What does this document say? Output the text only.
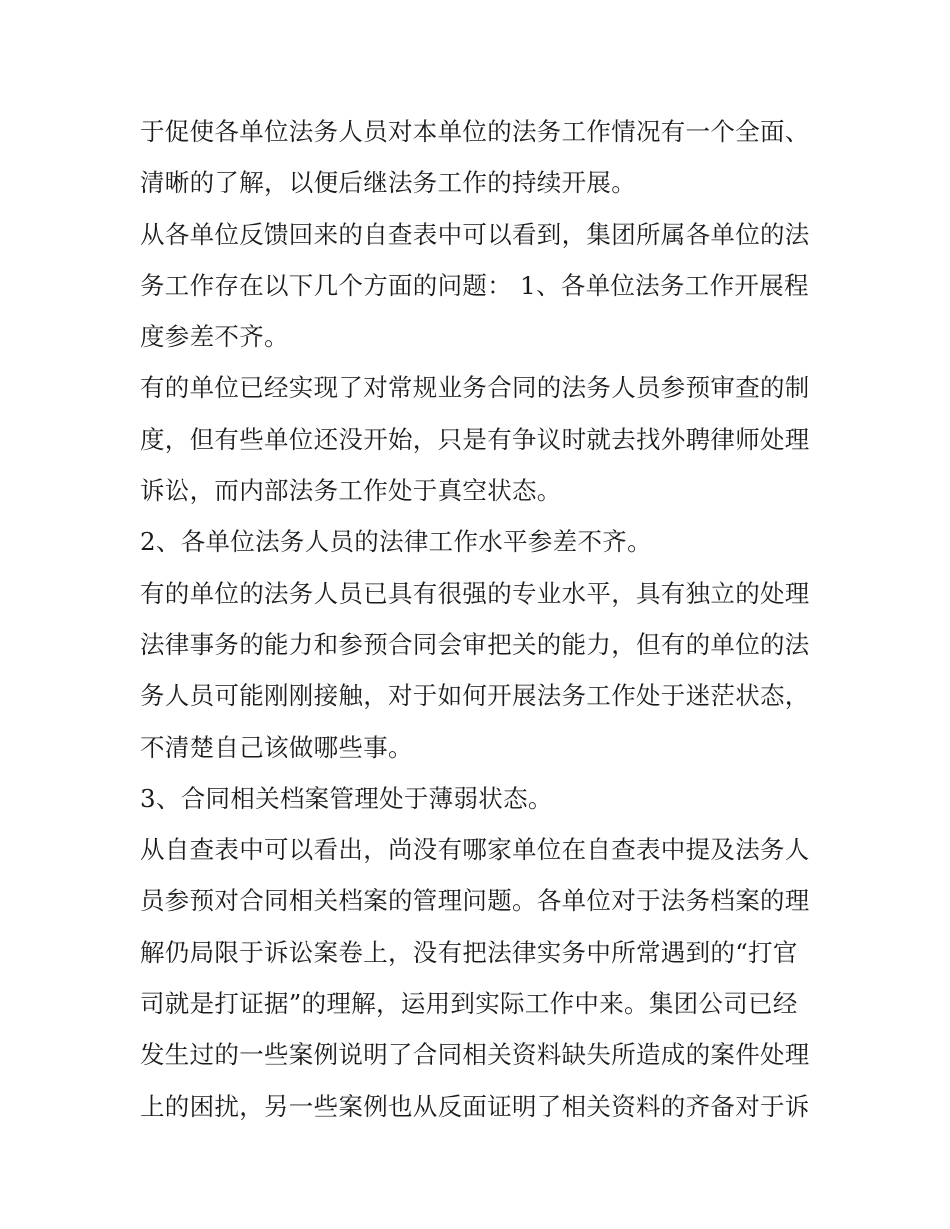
于促使各单位法务人员对本单位的法务工作情况有一个全面、
清晰的了解，以便后继法务工作的持续开展。
从各单位反馈回来的自查表中可以看到，集团所属各单位的法
务工作存在以下几个方面的问题： 1、各单位法务工作开展程
度参差不齐。
有的单位已经实现了对常规业务合同的法务人员参预审查的制
度，但有些单位还没开始，只是有争议时就去找外聘律师处理
诉讼，而内部法务工作处于真空状态。
2、各单位法务人员的法律工作水平参差不齐。
有的单位的法务人员已具有很强的专业水平，具有独立的处理
法律事务的能力和参预合同会审把关的能力，但有的单位的法
务人员可能刚刚接触，对于如何开展法务工作处于迷茫状态，
不清楚自己该做哪些事。
3、合同相关档案管理处于薄弱状态。
从自查表中可以看出，尚没有哪家单位在自查表中提及法务人
员参预对合同相关档案的管理问题。各单位对于法务档案的理
解仍局限于诉讼案卷上，没有把法律实务中所常遇到的“打官
司就是打证据”的理解，运用到实际工作中来。集团公司已经
发生过的一些案例说明了合同相关资料缺失所造成的案件处理
上的困扰，另一些案例也从反面证明了相关资料的齐备对于诉
